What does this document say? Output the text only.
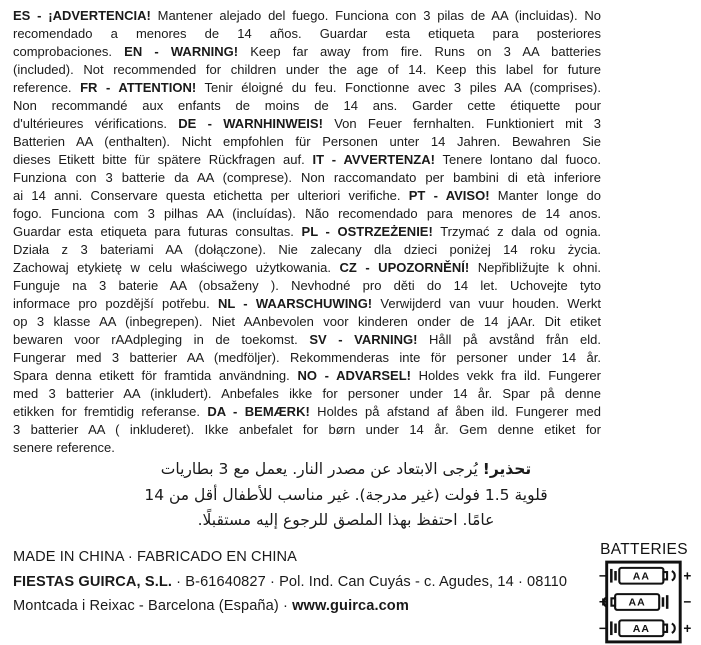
ES - ¡ADVERTENCIA! Mantener alejado del fuego. Funciona con 3 pilas de AA (incluidas). No
recomendado a menores de 14 años. Guardar esta etiqueta para posteriores
comprobaciones. EN - WARNING! Keep far away from fire. Runs on 3 AA batteries
(included). Not recommended for children under the age of 14. Keep this label for future
reference. FR - ATTENTION! Tenir éloigné du feu. Fonctionne avec 3 piles AA (comprises).
Non recommandé aux enfants de moins de 14 ans. Garder cette étiquette pour
d'ultérieures vérifications. DE - WARNHINWEIS! Von Feuer fernhalten. Funktioniert mit 3
Batterien AA (enthalten). Nicht empfohlen für Personen unter 14 Jahren. Bewahren Sie
dieses Etikett bitte für spätere Rückfragen auf. IT - AVVERTENZA! Tenere lontano dal fuoco.
Funziona con 3 batterie da AA (comprese). Non raccomandato per bambini di età inferiore
ai 14 anni. Conservare questa etichetta per ulteriori verifiche. PT - AVISO! Manter longe do
fogo. Funciona com 3 pilhas AA (incluídas). Não recomendado para menores de 14 anos.
Guardar esta etiqueta para futuras consultas. PL - OSTRZEŻENIE! Trzymać z dala od ognia.
Działa z 3 bateriami AA (dołączone). Nie zalecany dla dzieci poniżej 14 roku życia.
Zachowaj etykietę w celu właściwego użytkowania. CZ - UPOZORNĚNÍ! Nepřibližujte k ohni.
Funguje na 3 baterie AA (obsaženy ). Nevhodné pro děti do 14 let. Uchovejte tyto
informace pro pozdější potřebu. NL - WAARSCHUWING! Verwijderd van vuur houden. Werkt
op 3 klasse AA (inbegrepen). Niet AAnbevolen voor kinderen onder de 14 jAAr. Dit etiket
bewaren voor rAAdpleging in de toekomst. SV - VARNING! Håll på avstånd från eld.
Fungerar med 3 batterier AA (medföljer). Rekommenderas inte för personer under 14 år.
Spara denna etikett för framtida användning. NO - ADVARSEL! Holdes vekk fra ild. Fungerer
med 3 batterier AA (inkludert). Anbefales ikke for personer under 14 år. Spar på denne
etikken for fremtidig referanse. DA - BEMÆRK! Holdes på afstand af åben ild. Fungerer med
3 batterier AA ( inkluderet). Ikke anbefalet for børn under 14 år. Gem denne etiket for
senere reference.
تحذير! يُرجى الابتعاد عن مصدر النار. يعمل مع 3 بطاريات
قلوية 1.5 فولت (غير مدرجة). غير مناسب للأطفال أقل من 14
عامًا. احتفظ بهذا الملصق للرجوع إليه مستقبلًا.
MADE IN CHINA · FABRICADO EN CHINA
FIESTAS GUIRCA, S.L. · B-61640827 · Pol. Ind. Can Cuyás - c. Agudes, 14 · 08110
Montcada i Reixac - Barcelona (España) · www.guirca.com
BATTERIES
−	+
AA
+	−
AA
−	+
AA
